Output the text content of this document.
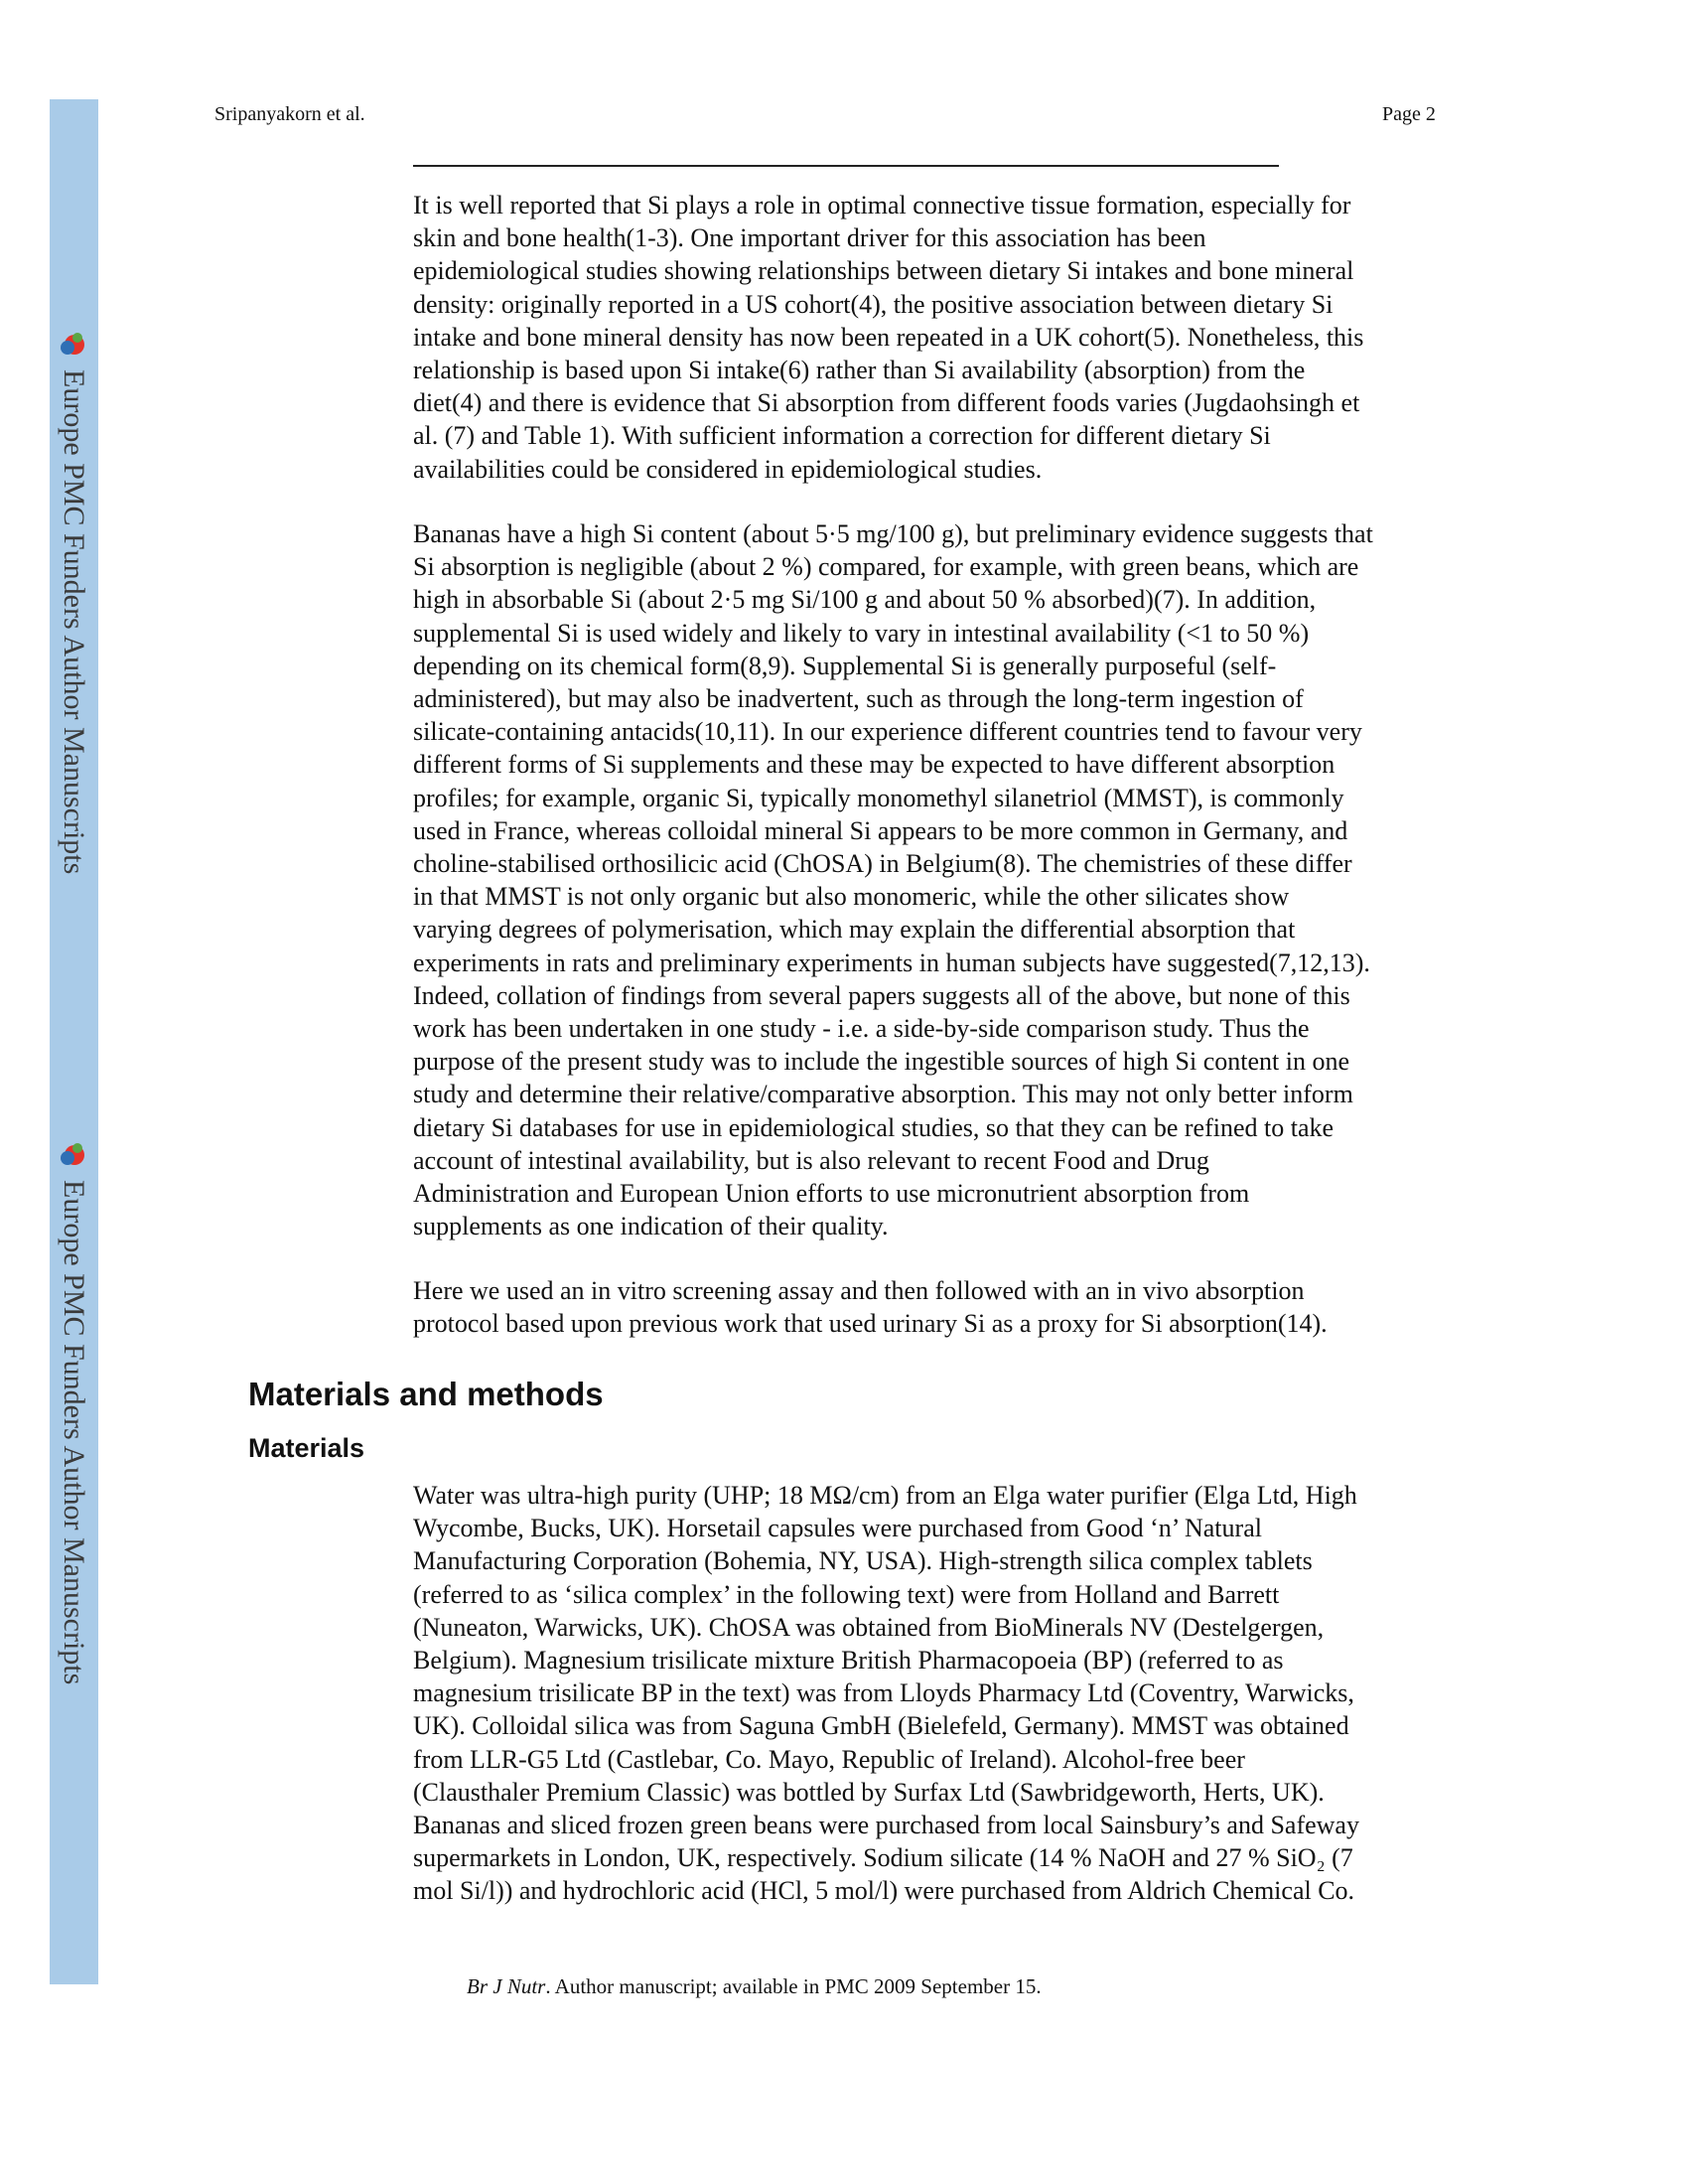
Europe PMC Funders Author Manuscripts
Europe PMC Funders Author Manuscripts
Sripanyakorn et al.	Page 2

It is well reported that Si plays a role in optimal connective tissue formation, especially for
skin and bone health(1-3). One important driver for this association has been
epidemiological studies showing relationships between dietary Si intakes and bone mineral
density: originally reported in a US cohort(4), the positive association between dietary Si
intake and bone mineral density has now been repeated in a UK cohort(5). Nonetheless, this
relationship is based upon Si intake(6) rather than Si availability (absorption) from the
diet(4) and there is evidence that Si absorption from different foods varies (Jugdaohsingh et
al. (7) and Table 1). With sufficient information a correction for different dietary Si
availabilities could be considered in epidemiological studies.

Bananas have a high Si content (about 5·5 mg/100 g), but preliminary evidence suggests that
Si absorption is negligible (about 2 %) compared, for example, with green beans, which are
high in absorbable Si (about 2·5 mg Si/100 g and about 50 % absorbed)(7). In addition,
supplemental Si is used widely and likely to vary in intestinal availability (<1 to 50 %)
depending on its chemical form(8,9). Supplemental Si is generally purposeful (self-
administered), but may also be inadvertent, such as through the long-term ingestion of
silicate-containing antacids(10,11). In our experience different countries tend to favour very
different forms of Si supplements and these may be expected to have different absorption
profiles; for example, organic Si, typically monomethyl silanetriol (MMST), is commonly
used in France, whereas colloidal mineral Si appears to be more common in Germany, and
choline-stabilised orthosilicic acid (ChOSA) in Belgium(8). The chemistries of these differ
in that MMST is not only organic but also monomeric, while the other silicates show
varying degrees of polymerisation, which may explain the differential absorption that
experiments in rats and preliminary experiments in human subjects have suggested(7,12,13).
Indeed, collation of findings from several papers suggests all of the above, but none of this
work has been undertaken in one study - i.e. a side-by-side comparison study. Thus the
purpose of the present study was to include the ingestible sources of high Si content in one
study and determine their relative/comparative absorption. This may not only better inform
dietary Si databases for use in epidemiological studies, so that they can be refined to take
account of intestinal availability, but is also relevant to recent Food and Drug
Administration and European Union efforts to use micronutrient absorption from
supplements as one indication of their quality.

Here we used an in vitro screening assay and then followed with an in vivo absorption
protocol based upon previous work that used urinary Si as a proxy for Si absorption(14).

Materials and methods
Materials

Water was ultra-high purity (UHP; 18 MΩ/cm) from an Elga water purifier (Elga Ltd, High
Wycombe, Bucks, UK). Horsetail capsules were purchased from Good ‘n’ Natural
Manufacturing Corporation (Bohemia, NY, USA). High-strength silica complex tablets
(referred to as ‘silica complex’ in the following text) were from Holland and Barrett
(Nuneaton, Warwicks, UK). ChOSA was obtained from BioMinerals NV (Destelgergen,
Belgium). Magnesium trisilicate mixture British Pharmacopoeia (BP) (referred to as
magnesium trisilicate BP in the text) was from Lloyds Pharmacy Ltd (Coventry, Warwicks,
UK). Colloidal silica was from Saguna GmbH (Bielefeld, Germany). MMST was obtained
from LLR-G5 Ltd (Castlebar, Co. Mayo, Republic of Ireland). Alcohol-free beer
(Clausthaler Premium Classic) was bottled by Surfax Ltd (Sawbridgeworth, Herts, UK).
Bananas and sliced frozen green beans were purchased from local Sainsbury’s and Safeway
supermarkets in London, UK, respectively. Sodium silicate (14 % NaOH and 27 % SiO₂ (7
mol Si/l)) and hydrochloric acid (HCl, 5 mol/l) were purchased from Aldrich Chemical Co.

Br J Nutr. Author manuscript; available in PMC 2009 September 15.
